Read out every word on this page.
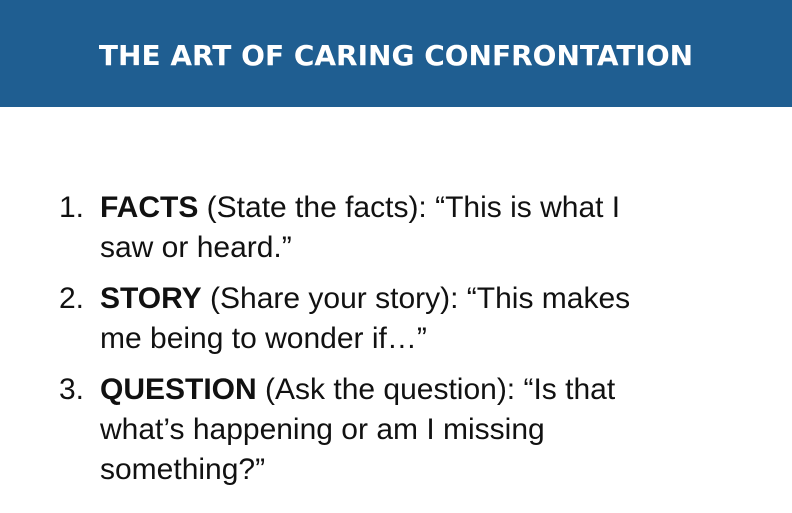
THE ART OF CARING CONFRONTATION
1. FACTS (State the facts): “This is what I
saw or heard.”
2. STORY (Share your story): “This makes
me being to wonder if…”
3. QUESTION (Ask the question): “Is that
what’s happening or am I missing
something?”
